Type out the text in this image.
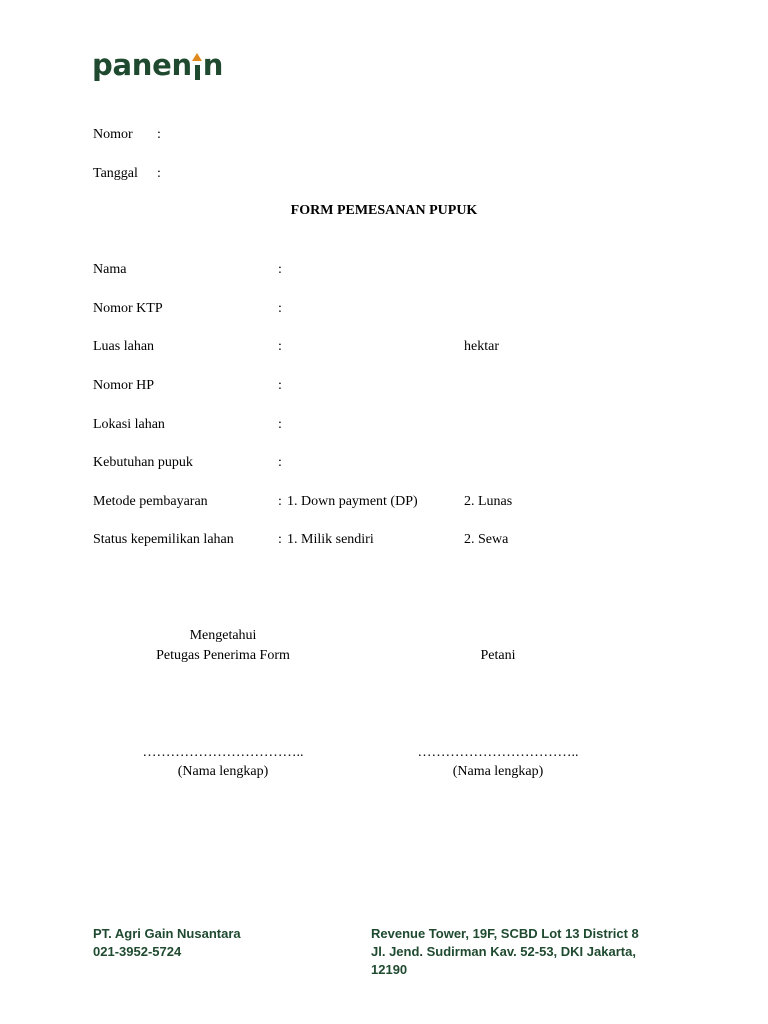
panen n
Nomor :
Tanggal :
FORM PEMESANAN PUPUK
Nama	:
Nomor KTP	:
Luas lahan	:	hektar
Nomor HP	:
Lokasi lahan	:
Kebutuhan pupuk	:
Metode pembayaran	: 1. Down payment (DP)	2. Lunas
Status kepemilikan lahan	: 1. Milik sendiri	2. Sewa
Mengetahui
Petugas Penerima Form	Petani
……………………………..	……………………………..
(Nama lengkap)	(Nama lengkap)
PT. Agri Gain Nusantara
021-3952-5724
Revenue Tower, 19F, SCBD Lot 13 District 8
Jl. Jend. Sudirman Kav. 52-53, DKI Jakarta,
12190
